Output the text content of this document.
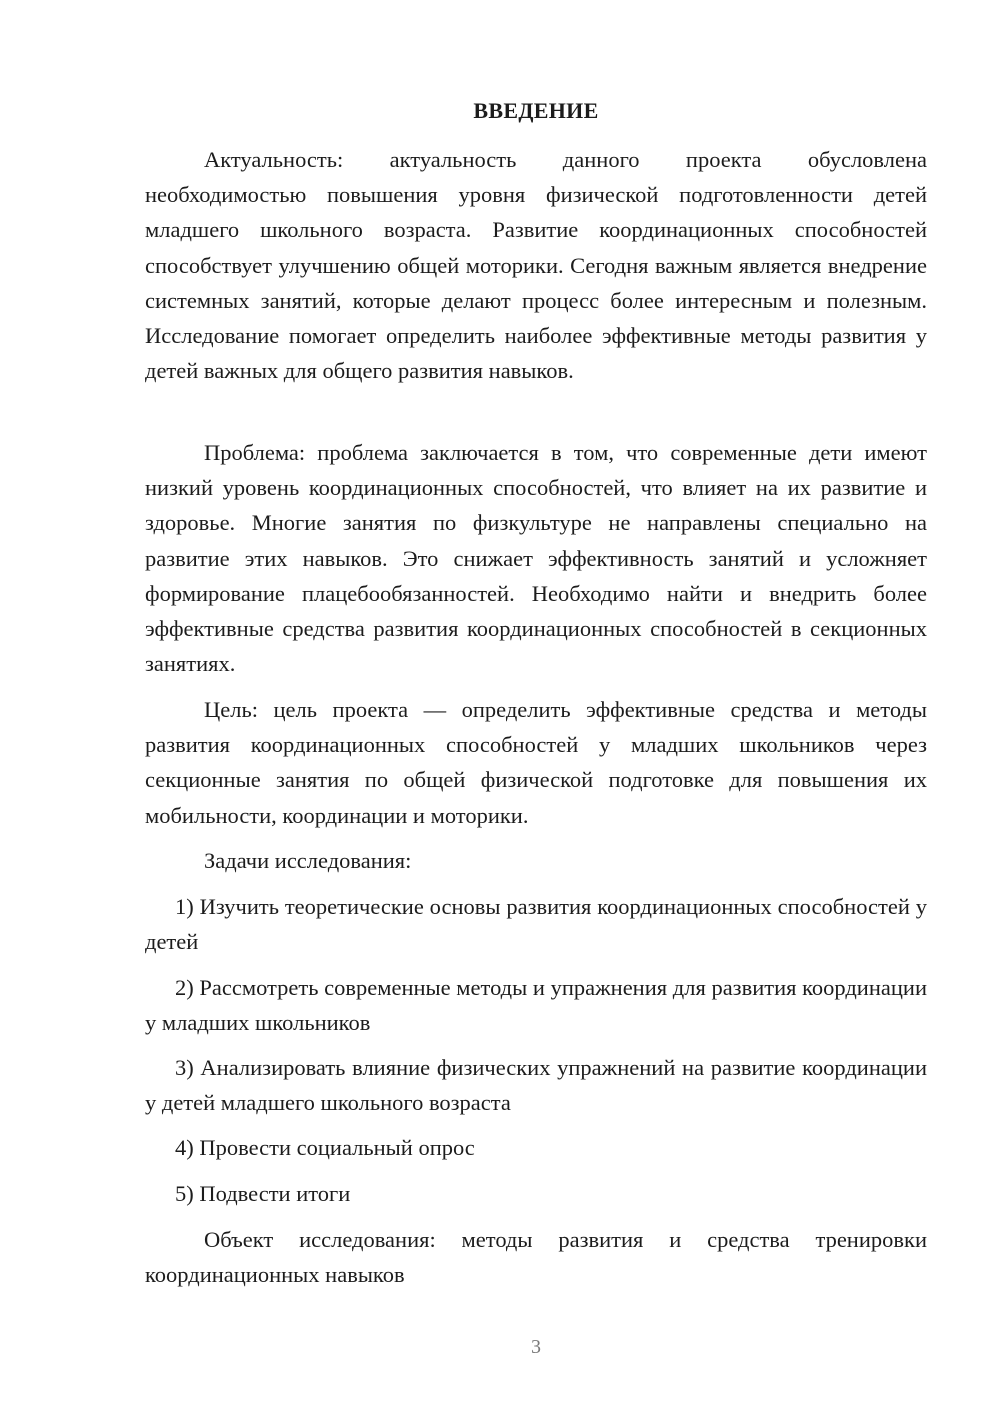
ВВЕДЕНИЕ

Актуальность: актуальность данного проекта обусловлена необходимостью повышения уровня физической подготовленности детей младшего школьного возраста. Развитие координационных способностей способствует улучшению общей моторики. Сегодня важным является внедрение системных занятий, которые делают процесс более интересным и полезным. Исследование помогает определить наиболее эффективные методы развития у детей важных для общего развития навыков.

Проблема: проблема заключается в том, что современные дети имеют низкий уровень координационных способностей, что влияет на их развитие и здоровье. Многие занятия по физкультуре не направлены специально на развитие этих навыков. Это снижает эффективность занятий и усложняет формирование плацебообязанностей. Необходимо найти и внедрить более эффективные средства развития координационных способностей в секционных занятиях.

Цель: цель проекта — определить эффективные средства и методы развития координационных способностей у младших школьников через секционные занятия по общей физической подготовке для повышения их мобильности, координации и моторики.

Задачи исследования:

1) Изучить теоретические основы развития координационных способностей у детей

2) Рассмотреть современные методы и упражнения для развития координации у младших школьников

3) Анализировать влияние физических упражнений на развитие координации у детей младшего школьного возраста

4) Провести социальный опрос

5) Подвести итоги

Объект исследования: методы развития и средства тренировки координационных навыков

3
